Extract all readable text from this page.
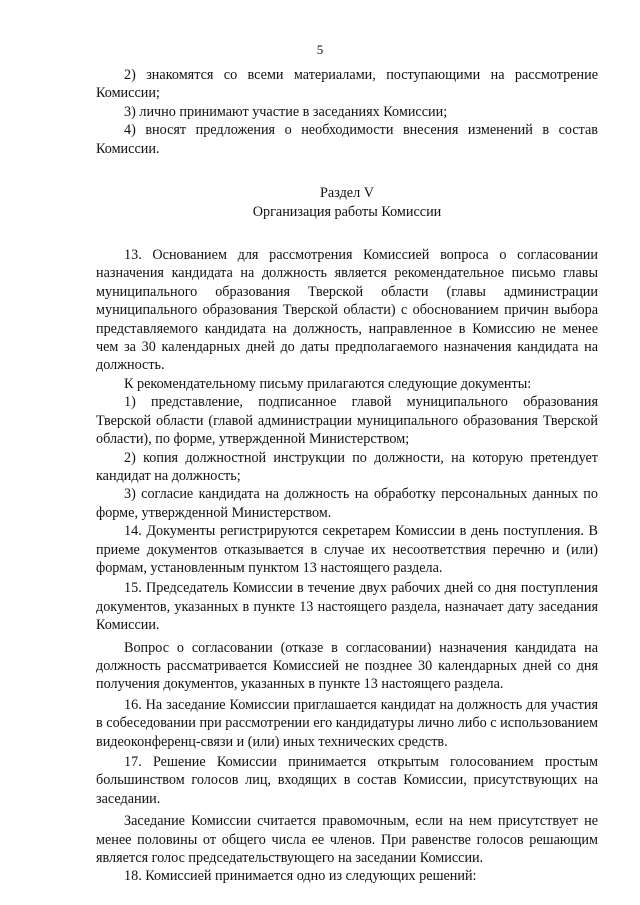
5

2) знакомятся со всеми материалами, поступающими на рассмотрение Комиссии;

3) лично принимают участие в заседаниях Комиссии;

4) вносят предложения о необходимости внесения изменений в состав Комиссии.

Раздел V

Организация работы Комиссии

13. Основанием для рассмотрения Комиссией вопроса о согласовании назначения кандидата на должность является рекомендательное письмо главы муниципального образования Тверской области (главы администрации муниципального образования Тверской области) с обоснованием причин выбора представляемого кандидата на должность, направленное в Комиссию не менее чем за 30 календарных дней до даты предполагаемого назначения кандидата на должность.

К рекомендательному письму прилагаются следующие документы:

1) представление, подписанное главой муниципального образования Тверской области (главой администрации муниципального образования Тверской области), по форме, утвержденной Министерством;

2) копия должностной инструкции по должности, на которую претендует кандидат на должность;

3) согласие кандидата на должность на обработку персональных данных по форме, утвержденной Министерством.

14. Документы регистрируются секретарем Комиссии в день поступления. В приеме документов отказывается в случае их несоответствия перечню и (или) формам, установленным пунктом 13 настоящего раздела.

15. Председатель Комиссии в течение двух рабочих дней со дня поступления документов, указанных в пункте 13 настоящего раздела, назначает дату заседания Комиссии.

Вопрос о согласовании (отказе в согласовании) назначения кандидата на должность рассматривается Комиссией не позднее 30 календарных дней со дня получения документов, указанных в пункте 13 настоящего раздела.

16. На заседание Комиссии приглашается кандидат на должность для участия в собеседовании при рассмотрении его кандидатуры лично либо с использованием видеоконференц-связи и (или) иных технических средств.

17. Решение Комиссии принимается открытым голосованием простым большинством голосов лиц, входящих в состав Комиссии, присутствующих на заседании.

Заседание Комиссии считается правомочным, если на нем присутствует не менее половины от общего числа ее членов. При равенстве голосов решающим является голос председательствующего на заседании Комиссии.

18. Комиссией принимается одно из следующих решений:
